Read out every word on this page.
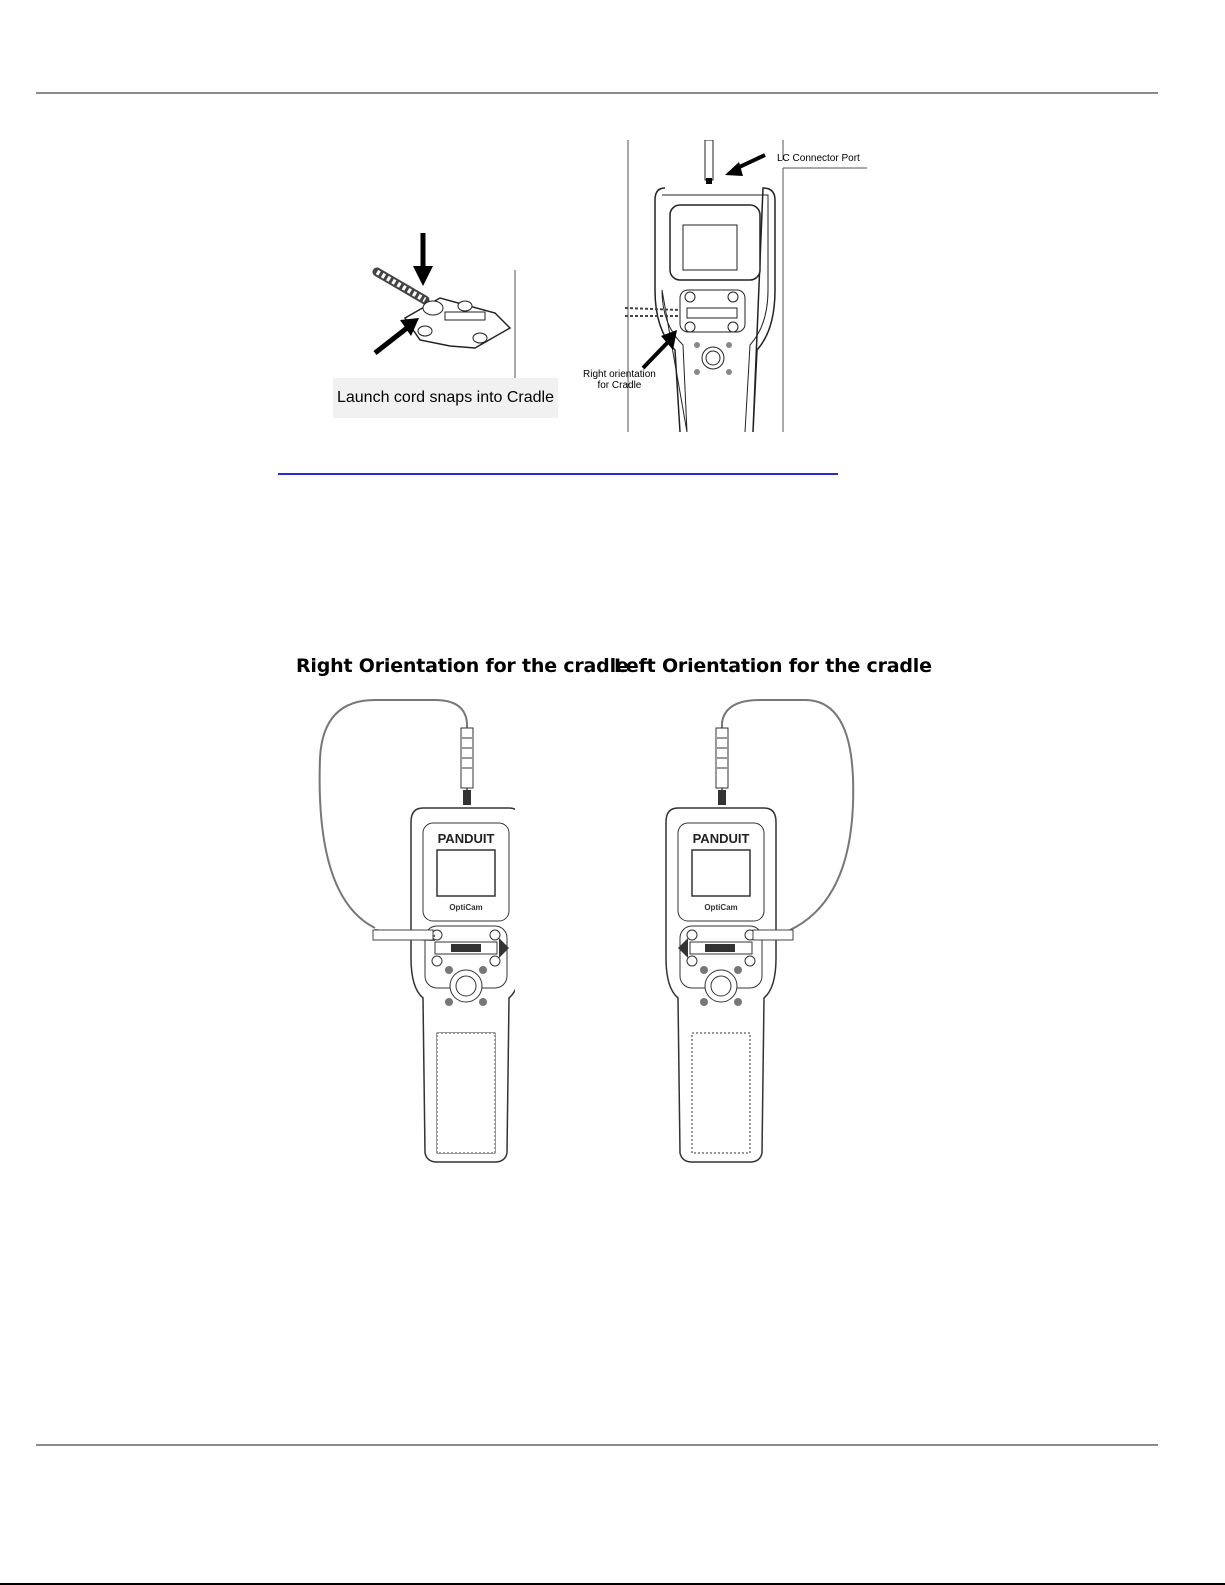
Launch cord snaps into Cradle
LC Connector Port
Right orientation
for Cradle
Right Orientation for the cradle
Left Orientation for the cradle
PANDUIT
OptiCam
PANDUIT
OptiCam
